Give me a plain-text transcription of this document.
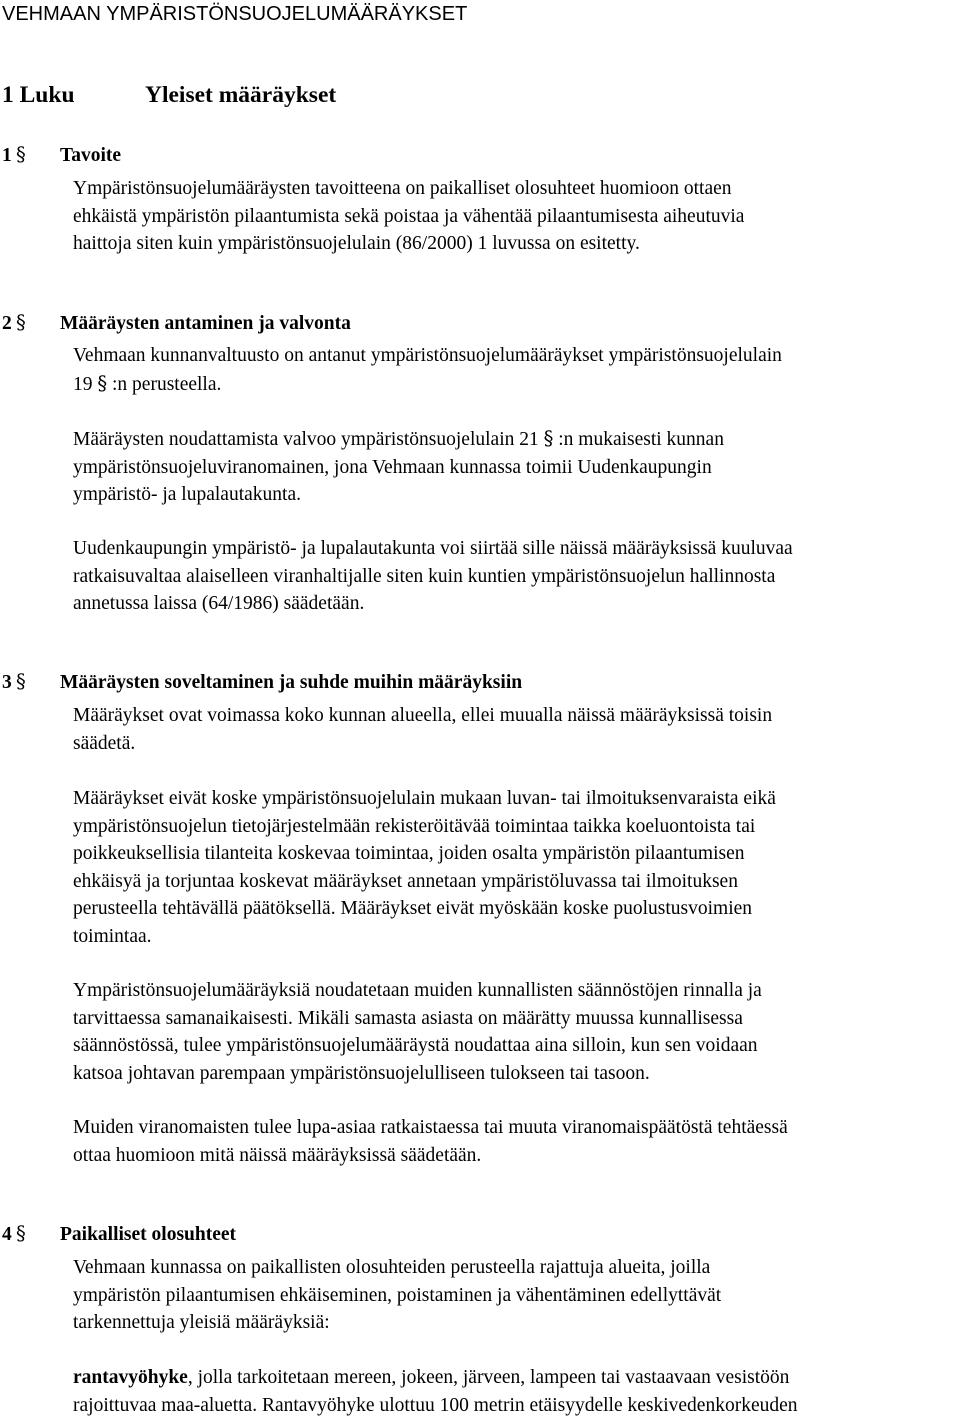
VEHMAAN YMPÄRISTÖNSUOJELUMÄÄRÄYKSET
1 Luku	Yleiset määräykset
1 § Tavoite

Ympäristönsuojelumääräysten tavoitteena on paikalliset olosuhteet huomioon ottaen
ehkäistä ympäristön pilaantumista sekä poistaa ja vähentää pilaantumisesta aiheutuvia
haittoja siten kuin ympäristönsuojelulain (86/2000) 1 luvussa on esitetty.

2 § Määräysten antaminen ja valvonta

Vehmaan kunnanvaltuusto on antanut ympäristönsuojelumääräykset ympäristönsuojelulain
19 § :n perusteella.

Määräysten noudattamista valvoo ympäristönsuojelulain 21 § :n mukaisesti kunnan
ympäristönsuojeluviranomainen, jona Vehmaan kunnassa toimii Uudenkaupungin
ympäristö- ja lupalautakunta.

Uudenkaupungin ympäristö- ja lupalautakunta voi siirtää sille näissä määräyksissä kuuluvaa
ratkaisuvaltaa alaiselleen viranhaltijalle siten kuin kuntien ympäristönsuojelun hallinnosta
annetussa laissa (64/1986) säädetään.

3 § Määräysten soveltaminen ja suhde muihin määräyksiin

Määräykset ovat voimassa koko kunnan alueella, ellei muualla näissä määräyksissä toisin
säädetä.

Määräykset eivät koske ympäristönsuojelulain mukaan luvan- tai ilmoituksenvaraista eikä
ympäristönsuojelun tietojärjestelmään rekisteröitävää toimintaa taikka koeluontoista tai
poikkeuksellisia tilanteita koskevaa toimintaa, joiden osalta ympäristön pilaantumisen
ehkäisyä ja torjuntaa koskevat määräykset annetaan ympäristöluvassa tai ilmoituksen
perusteella tehtävällä päätöksellä. Määräykset eivät myöskään koske puolustusvoimien
toimintaa.

Ympäristönsuojelumääräyksiä noudatetaan muiden kunnallisten säännöstöjen rinnalla ja
tarvittaessa samanaikaisesti. Mikäli samasta asiasta on määrätty muussa kunnallisessa
säännöstössä, tulee ympäristönsuojelumääräystä noudattaa aina silloin, kun sen voidaan
katsoa johtavan parempaan ympäristönsuojelulliseen tulokseen tai tasoon.

Muiden viranomaisten tulee lupa-asiaa ratkaistaessa tai muuta viranomaispäätöstä tehtäessä
ottaa huomioon mitä näissä määräyksissä säädetään.

4 § Paikalliset olosuhteet

Vehmaan kunnassa on paikallisten olosuhteiden perusteella rajattuja alueita, joilla
ympäristön pilaantumisen ehkäiseminen, poistaminen ja vähentäminen edellyttävät
tarkennettuja yleisiä määräyksiä:

rantavyöhyke, jolla tarkoitetaan mereen, jokeen, järveen, lampeen tai vastaavaan vesistöön
rajoittuvaa maa-aluetta. Rantavyöhyke ulottuu 100 metrin etäisyydelle keskivedenkorkeuden
